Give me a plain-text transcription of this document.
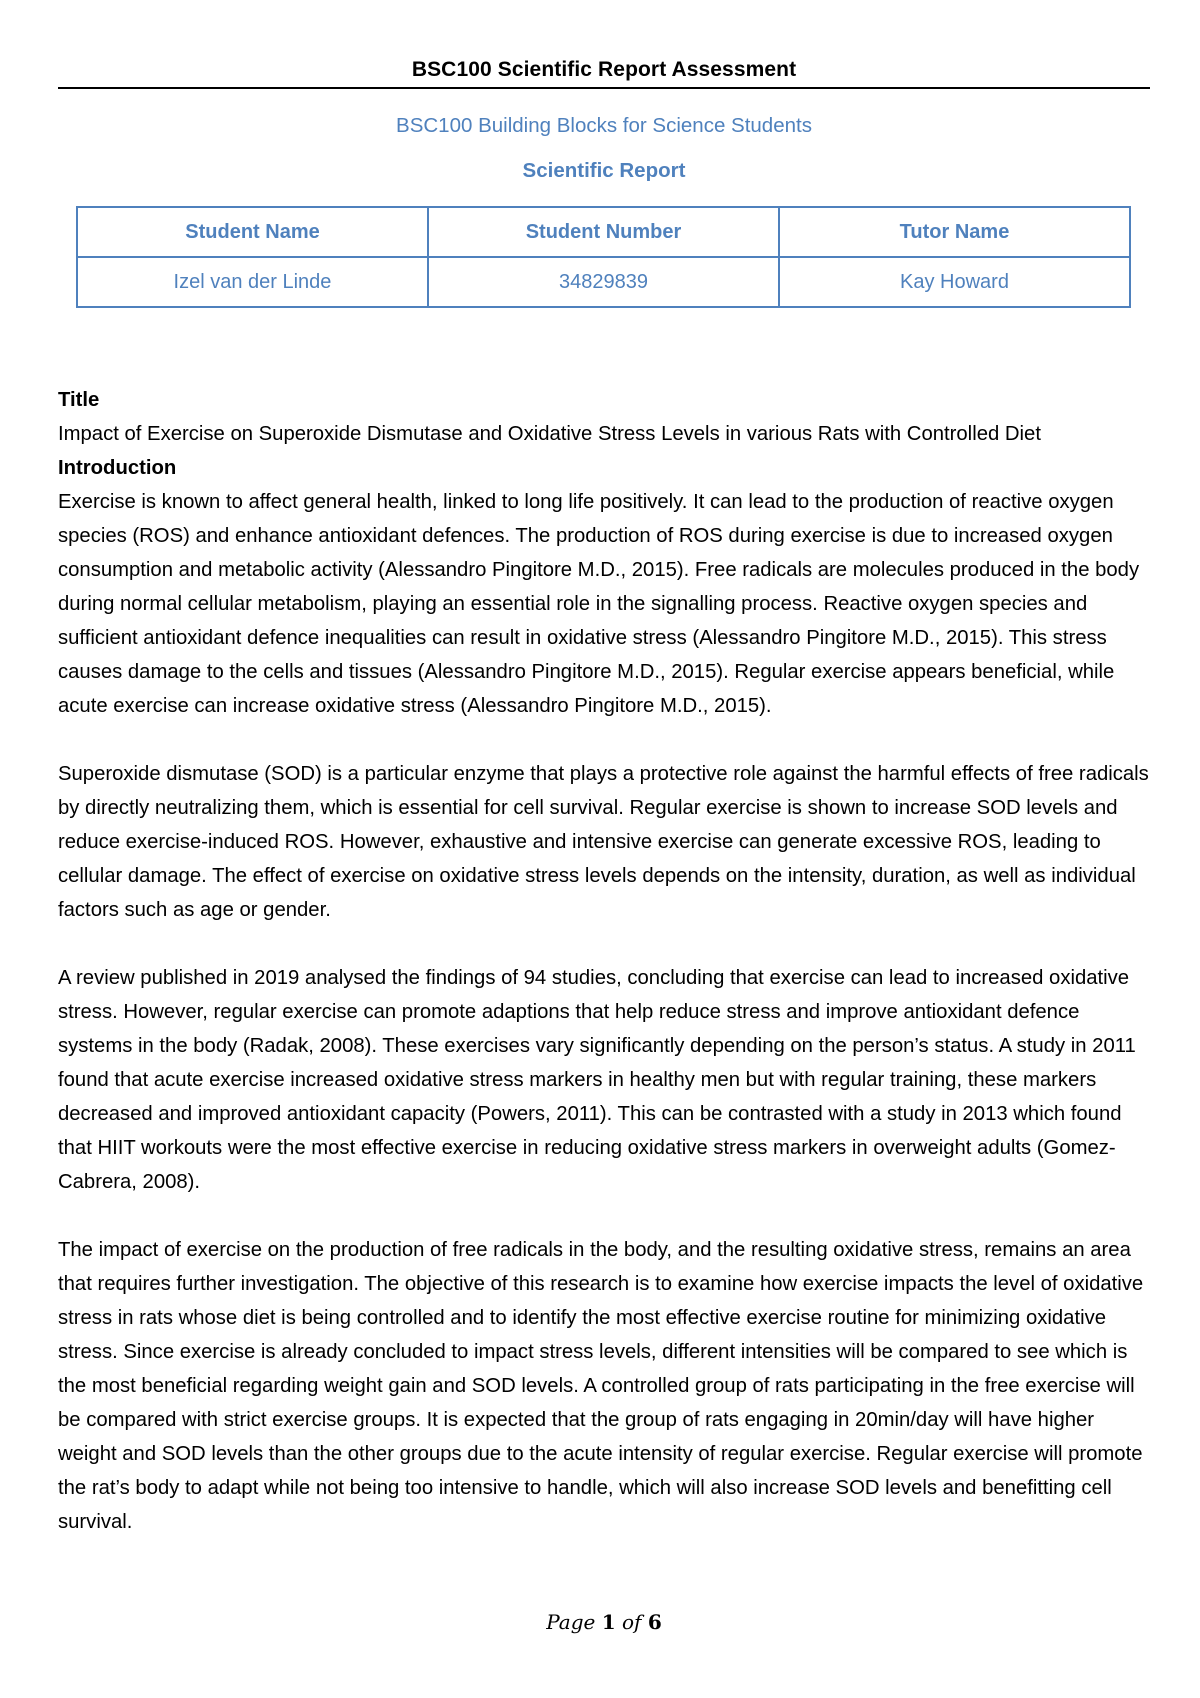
BSC100 Scientific Report Assessment
BSC100 Building Blocks for Science Students
Scientific Report
Student Name	Student Number	Tutor Name
Izel van der Linde	34829839	Kay Howard

Title

Impact of Exercise on Superoxide Dismutase and Oxidative Stress Levels in various Rats with Controlled Diet

Introduction

Exercise is known to affect general health, linked to long life positively. It can lead to the production of reactive oxygen species (ROS) and enhance antioxidant defences. The production of ROS during exercise is due to increased oxygen consumption and metabolic activity (Alessandro Pingitore M.D., 2015). Free radicals are molecules produced in the body during normal cellular metabolism, playing an essential role in the signalling process. Reactive oxygen species and sufficient antioxidant defence inequalities can result in oxidative stress (Alessandro Pingitore M.D., 2015). This stress causes damage to the cells and tissues (Alessandro Pingitore M.D., 2015). Regular exercise appears beneficial, while acute exercise can increase oxidative stress (Alessandro Pingitore M.D., 2015).

Superoxide dismutase (SOD) is a particular enzyme that plays a protective role against the harmful effects of free radicals by directly neutralizing them, which is essential for cell survival. Regular exercise is shown to increase SOD levels and reduce exercise-induced ROS. However, exhaustive and intensive exercise can generate excessive ROS, leading to cellular damage. The effect of exercise on oxidative stress levels depends on the intensity, duration, as well as individual factors such as age or gender.

A review published in 2019 analysed the findings of 94 studies, concluding that exercise can lead to increased oxidative stress. However, regular exercise can promote adaptions that help reduce stress and improve antioxidant defence systems in the body (Radak, 2008). These exercises vary significantly depending on the person’s status. A study in 2011 found that acute exercise increased oxidative stress markers in healthy men but with regular training, these markers decreased and improved antioxidant capacity (Powers, 2011). This can be contrasted with a study in 2013 which found that HIIT workouts were the most effective exercise in reducing oxidative stress markers in overweight adults (Gomez-Cabrera, 2008).

The impact of exercise on the production of free radicals in the body, and the resulting oxidative stress, remains an area that requires further investigation. The objective of this research is to examine how exercise impacts the level of oxidative stress in rats whose diet is being controlled and to identify the most effective exercise routine for minimizing oxidative stress. Since exercise is already concluded to impact stress levels, different intensities will be compared to see which is the most beneficial regarding weight gain and SOD levels. A controlled group of rats participating in the free exercise will be compared with strict exercise groups. It is expected that the group of rats engaging in 20min/day will have higher weight and SOD levels than the other groups due to the acute intensity of regular exercise. Regular exercise will promote the rat’s body to adapt while not being too intensive to handle, which will also increase SOD levels and benefitting cell survival.

Page 1 of 6
